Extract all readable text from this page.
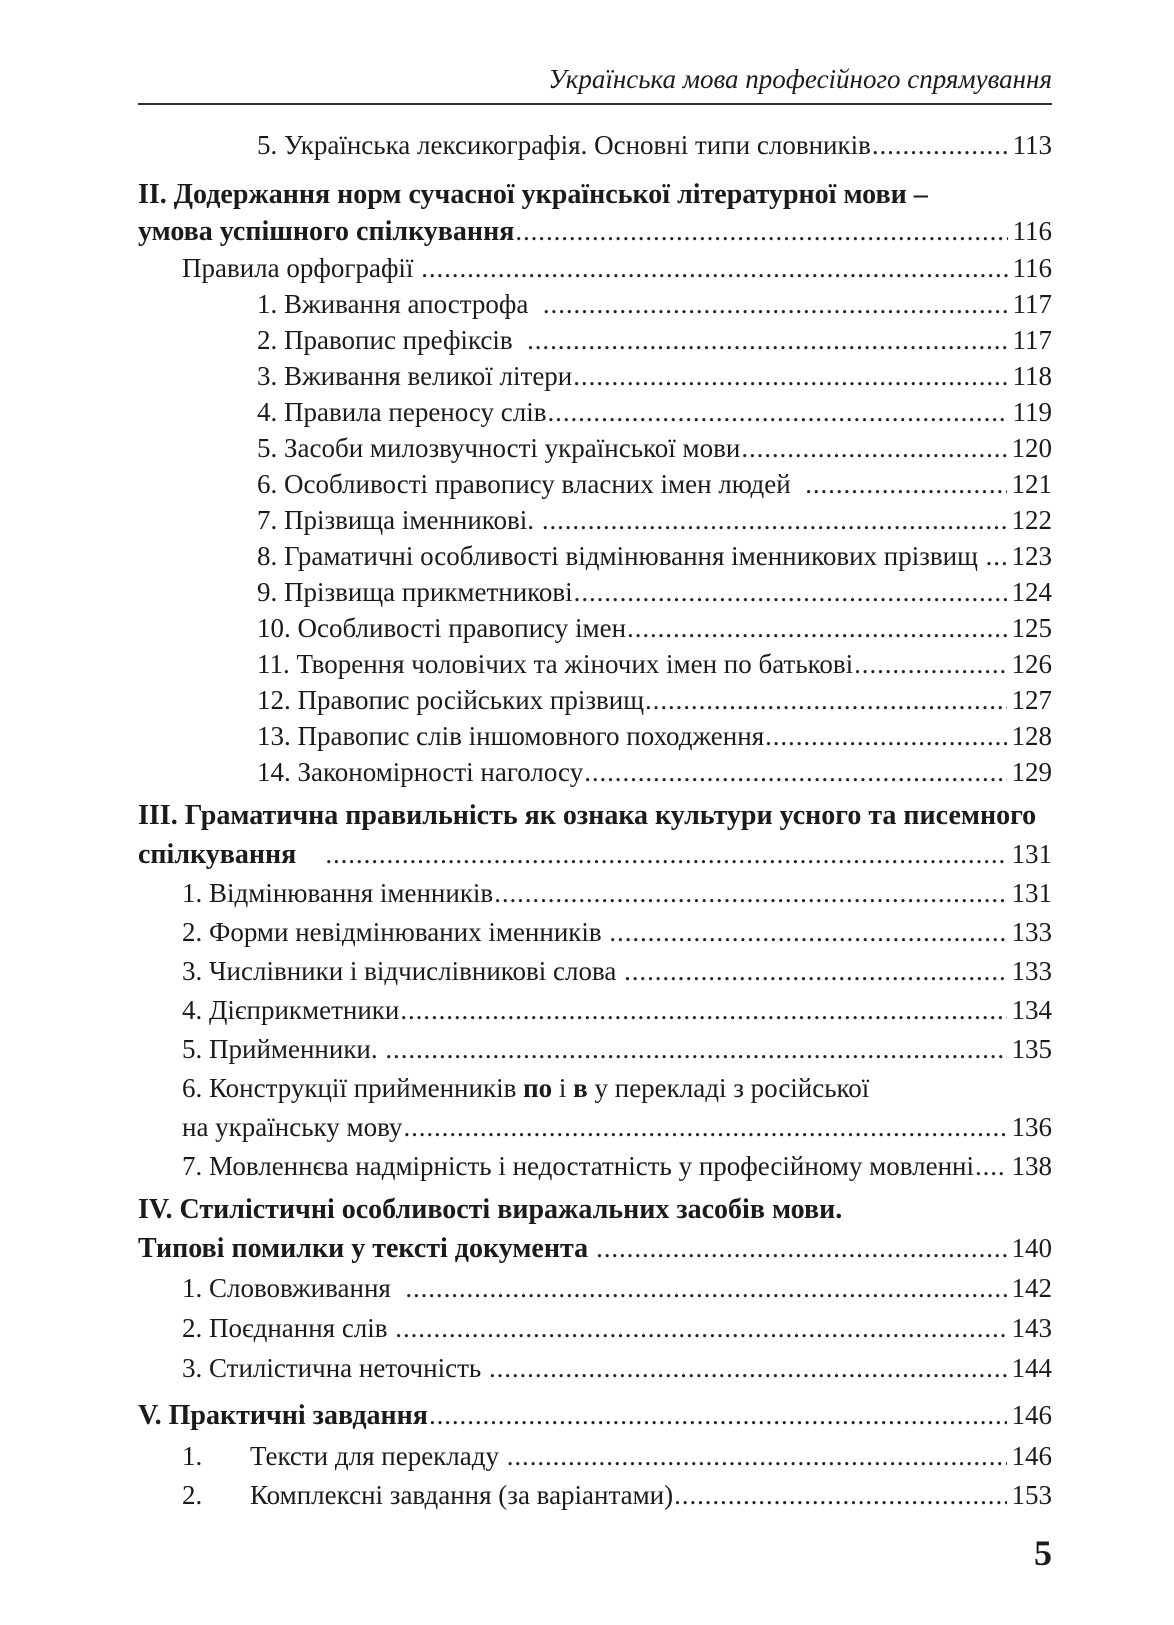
Українська мова професійного спрямування
5. Українська лексикографія. Основні типи словників .....	113
II. Додержання норм сучасної української літературної мови –
умова успішного спілкування .....	116
Правила орфографії .....	116
1. Вживання апострофа .....	117
2. Правопис префіксів .....	117
3. Вживання великої літери .....	118
4. Правила переносу слів .....	119
5. Засоби милозвучності української мови .....	120
6. Особливості правопису власних імен людей .....	121
7. Прізвища іменникові. .....	122
8. Граматичні особливості відмінювання іменникових прізвищ ..... 123
9. Прізвища прикметникові .....	124
10. Особливості правопису імен .....	125
11. Творення чоловічих та жіночих імен по батькові .....	126
12. Правопис російських прізвищ .....	127
13. Правопис слів іншомовного походження .....	128
14. Закономірності наголосу .....	129
III. Граматична правильність як ознака культури усного та писемного
спілкування .....	131
1. Відмінювання іменників .....	131
2. Форми невідмінюваних іменників .....	133
3. Числівники і відчислівникові слова .....	133
4. Дієприкметники .....	134
5. Прийменники. .....	135
6. Конструкції прийменників по і в у перекладі з російської
на українську мову .....	136
7. Мовленнєва надмірність і недостатність у професійному мовленні ..... 138
IV. Стилістичні особливості виражальних засобів мови.
Типові помилки у тексті документа .....	140
1. Слововживання .....	142
2. Поєднання слів .....	143
3. Стилістична неточність .....	144
V. Практичні завдання .....	146
1.	Тексти для перекладу .....	146
2.	Комплексні завдання (за варіантами) .....	153
5
